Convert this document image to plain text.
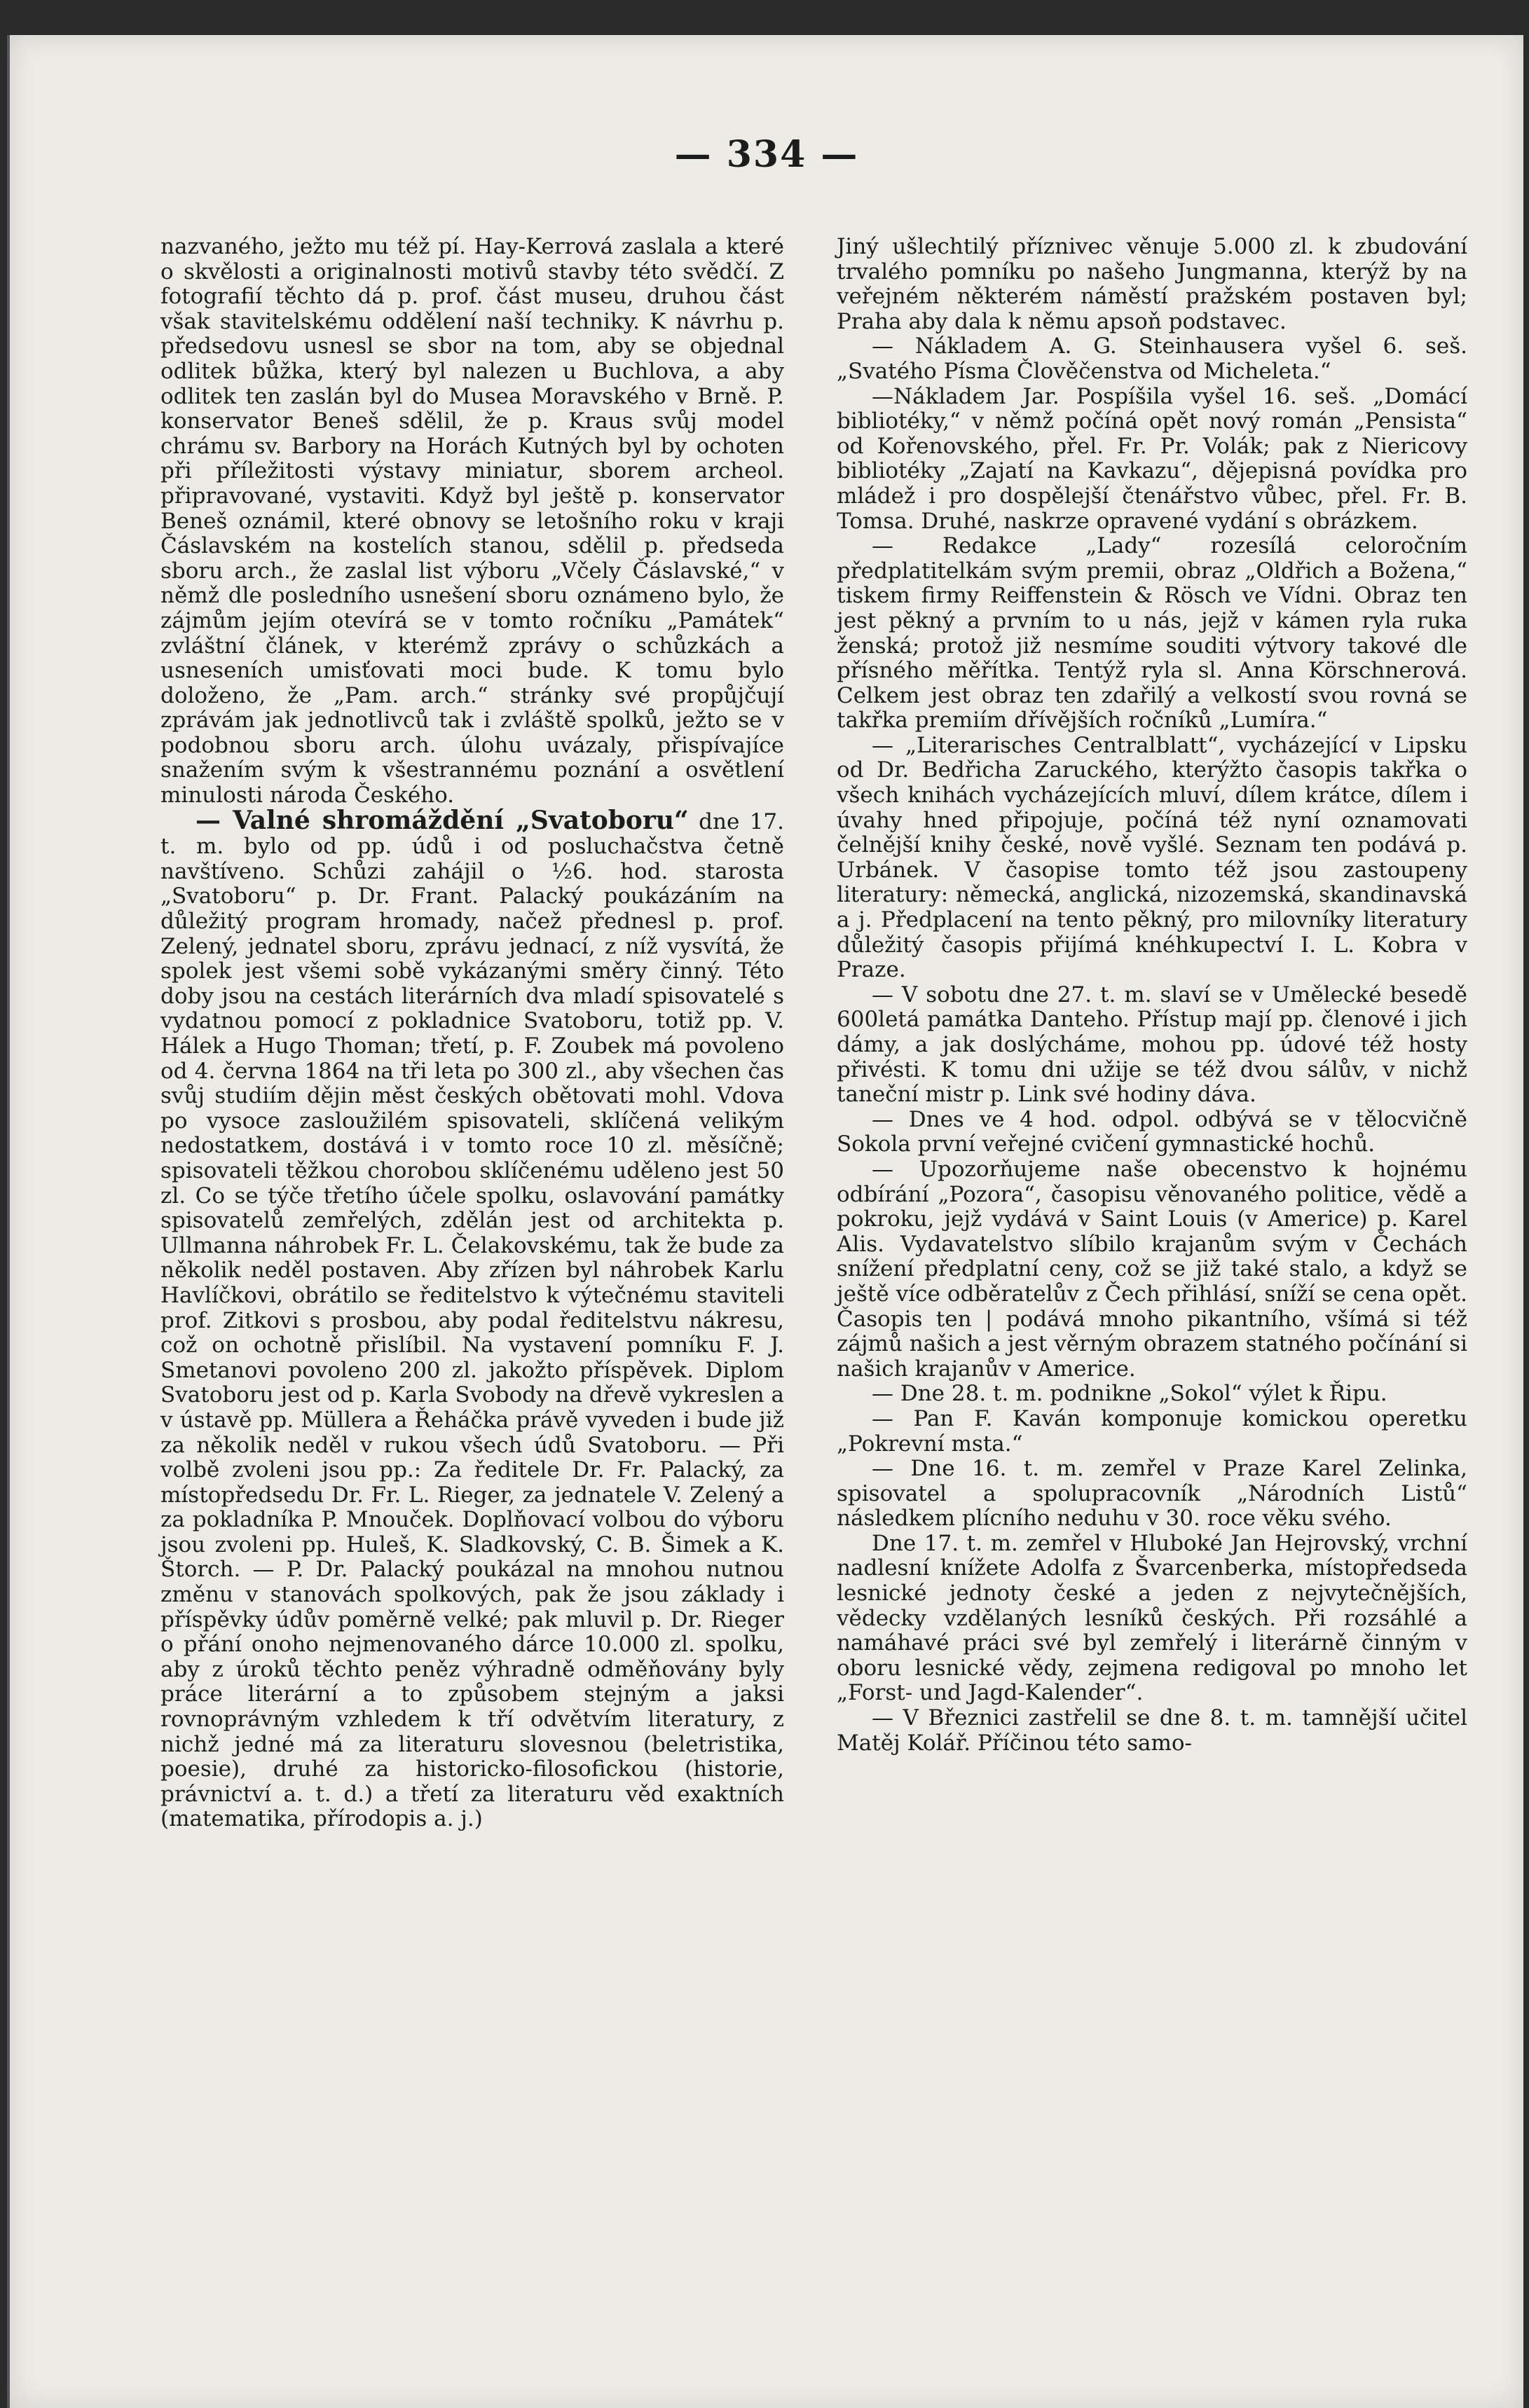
— 334 —

nazvaného, ježto mu též pí. Hay-Kerrová zaslala a které o skvělosti a originalnosti motivů stavby této svědčí. Z fotografií těchto dá p. prof. část museu, druhou část však stavitelskému oddělení naší techniky. K návrhu p. předsedovu usnesl se sbor na tom, aby se objednal odlitek bůžka, který byl nalezen u Buchlova, a aby odlitek ten zaslán byl do Musea Moravského v Brně. P. konservator Beneš sdělil, že p. Kraus svůj model chrámu sv. Barbory na Horách Kutných byl by ochoten při příležitosti výstavy miniatur, sborem archeol. připravované, vystaviti. Když byl ještě p. konservator Beneš oznámil, které obnovy se letošního roku v kraji Čáslavském na kostelích stanou, sdělil p. předseda sboru arch., že zaslal list výboru „Včely Čáslavské,“ v němž dle posledního usnešení sboru oznámeno bylo, že zájmům jejím otevírá se v tomto ročníku „Památek“ zvláštní článek, v kterémž zprávy o schůzkách a usneseních umisťovati moci bude. K tomu bylo doloženo, že „Pam. arch.“ stránky své propůjčují zprávám jak jednotlivců tak i zvláště spolků, ježto se v podobnou sboru arch. úlohu uvázaly, přispívajíce snažením svým k všestrannému poznání a osvětlení minulosti národa Českého.

— Valné shromáždění „Svatoboru“ dne 17. t. m. bylo od pp. údů i od posluchačstva četně navštíveno. Schůzi zahájil o ½6. hod. starosta „Svatoboru“ p. Dr. Frant. Palacký poukázáním na důležitý program hromady, načež přednesl p. prof. Zelený, jednatel sboru, zprávu jednací, z níž vysvítá, že spolek jest všemi sobě vykázanými směry činný. Této doby jsou na cestách literárních dva mladí spisovatelé s vydatnou pomocí z pokladnice Svatoboru, totiž pp. V. Hálek a Hugo Thoman; třetí, p. F. Zoubek má povoleno od 4. června 1864 na tři leta po 300 zl., aby všechen čas svůj studiím dějin měst českých obětovati mohl. Vdova po vysoce zasloužilém spisovateli, sklíčená velikým nedostatkem, dostává i v tomto roce 10 zl. měsíčně; spisovateli těžkou chorobou sklíčenému uděleno jest 50 zl. Co se týče třetího účele spolku, oslavování památky spisovatelů zemřelých, zdělán jest od architekta p. Ullmanna náhrobek Fr. L. Čelakovskému, tak že bude za několik neděl postaven. Aby zřízen byl náhrobek Karlu Havlíčkovi, obrátilo se ředitelstvo k výtečnému staviteli prof. Zitkovi s prosbou, aby podal ředitelstvu nákresu, což on ochotně přislíbil. Na vystavení pomníku F. J. Smetanovi povoleno 200 zl. jakožto příspěvek. Diplom Svatoboru jest od p. Karla Svobody na dřevě vykreslen a v ústavě pp. Müllera a Řeháčka právě vyveden i bude již za několik neděl v rukou všech údů Svatoboru. — Při volbě zvoleni jsou pp.: Za ředitele Dr. Fr. Palacký, za místopředsedu Dr. Fr. L. Rieger, za jednatele V. Zelený a za pokladníka P. Mnouček. Doplňovací volbou do výboru jsou zvoleni pp. Huleš, K. Sladkovský, C. B. Šimek a K. Štorch. — P. Dr. Palacký poukázal na mnohou nutnou změnu v stanovách spolkových, pak že jsou základy i příspěvky údův poměrně velké; pak mluvil p. Dr. Rieger o přání onoho nejmenovaného dárce 10.000 zl. spolku, aby z úroků těchto peněz výhradně odměňovány byly práce literární a to způsobem stejným a jaksi rovnoprávným vzhledem k tří odvětvím literatury, z nichž jedné má za literaturu slovesnou (beletristika, poesie), druhé za historicko-filosofickou (historie, právnictví a. t. d.) a třetí za literaturu věd exaktních (matematika, přírodopis a. j.)

Jiný ušlechtilý příznivec věnuje 5.000 zl. k zbudování trvalého pomníku po našeho Jungmanna, kterýž by na veřejném některém náměstí pražském postaven byl; Praha aby dala k němu apsoň podstavec.

— Nákladem A. G. Steinhausera vyšel 6. seš. „Svatého Písma Člověčenstva od Micheleta.“

—Nákladem Jar. Pospíšila vyšel 16. seš. „Domácí bibliotéky,“ v němž počíná opět nový román „Pensista“ od Kořenovského, přel. Fr. Pr. Volák; pak z Niericovy bibliotéky „Zajatí na Kavkazu“, dějepisná povídka pro mládež i pro dospělejší čtenářstvo vůbec, přel. Fr. B. Tomsa. Druhé, naskrze opravené vydání s obrázkem.

— Redakce „Lady“ rozesílá celoročním předplatitelkám svým premii, obraz „Oldřich a Božena,“ tiskem firmy Reiffenstein & Rösch ve Vídni. Obraz ten jest pěkný a prvním to u nás, jejž v kámen ryla ruka ženská; protož již nesmíme souditi výtvory takové dle přísného měřítka. Tentýž ryla sl. Anna Körschnerová. Celkem jest obraz ten zdařilý a velkostí svou rovná se takřka premiím dřívějších ročníků „Lumíra.“

— „Literarisches Centralblatt“, vycházející v Lipsku od Dr. Bedřicha Zaruckého, kterýžto časopis takřka o všech knihách vycházejících mluví, dílem krátce, dílem i úvahy hned připojuje, počíná též nyní oznamovati čelnější knihy české, nově vyšlé. Seznam ten podává p. Urbánek. V časopise tomto též jsou zastoupeny literatury: německá, anglická, nizozemská, skandinavská a j. Předplacení na tento pěkný, pro milovníky literatury důležitý časopis přijímá knéhkupectví I. L. Kobra v Praze.

— V sobotu dne 27. t. m. slaví se v Umělecké besedě 600letá památka Danteho. Přístup mají pp. členové i jich dámy, a jak doslýcháme, mohou pp. údové též hosty přivésti. K tomu dni užije se též dvou sálův, v nichž taneční mistr p. Link své hodiny dáva.

— Dnes ve 4 hod. odpol. odbývá se v tělocvičně Sokola první veřejné cvičení gymnastické hochů.

— Upozorňujeme naše obecenstvo k hojnému odbírání „Pozora“, časopisu věnovaného politice, vědě a pokroku, jejž vydává v Saint Louis (v Americe) p. Karel Alis. Vydavatelstvo slíbilo krajanům svým v Čechách snížení předplatní ceny, což se již také stalo, a když se ještě více odběratelův z Čech přihlásí, sníží se cena opět. Časopis ten | podává mnoho pikantního, všímá si též zájmů našich a jest věrným obrazem statného počínání si našich krajanův v Americe.

— Dne 28. t. m. podnikne „Sokol“ výlet k Řipu.

— Pan F. Kaván komponuje komickou operetku „Pokrevní msta.“

— Dne 16. t. m. zemřel v Praze Karel Zelinka, spisovatel a spolupracovník „Národních Listů“ následkem plícního neduhu v 30. roce věku svého.

Dne 17. t. m. zemřel v Hluboké Jan Hejrovský, vrchní nadlesní knížete Adolfa z Švarcenberka, místopředseda lesnické jednoty české a jeden z nejvytečnějších, vědecky vzdělaných lesníků českých. Při rozsáhlé a namáhavé práci své byl zemřelý i literárně činným v oboru lesnické vědy, zejmena redigoval po mnoho let „Forst- und Jagd-Kalender“.

— V Březnici zastřelil se dne 8. t. m. tamnější učitel Matěj Kolář. Příčinou této samo-
